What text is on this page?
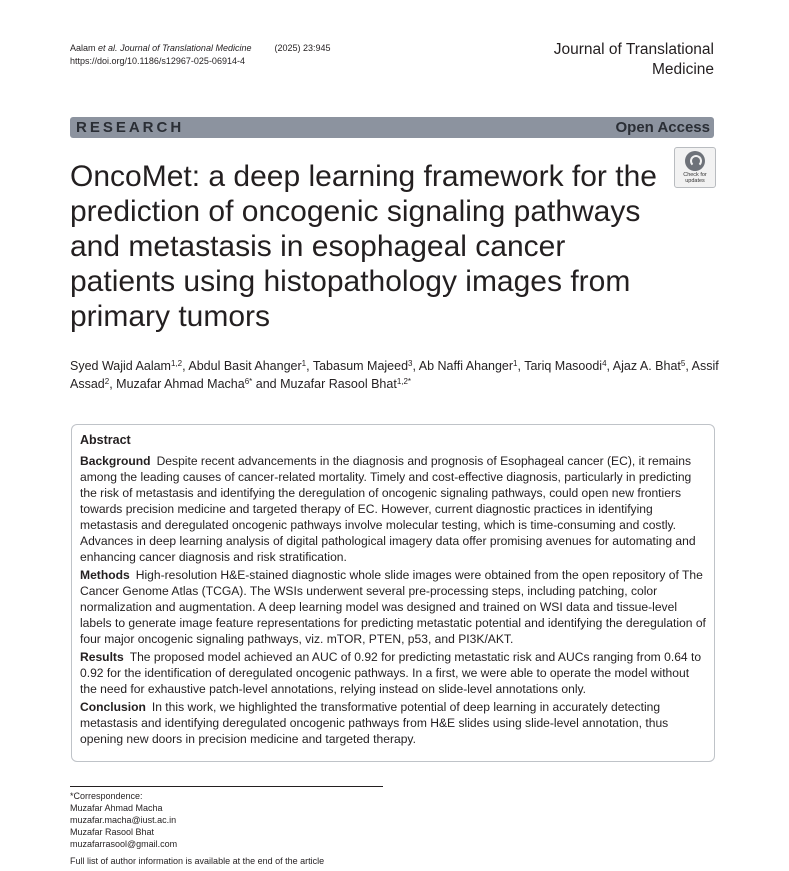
Aalam et al. Journal of Translational Medicine	(2025) 23:945
https://doi.org/10.1186/s12967-025-06914-4
Journal of Translational
Medicine
RESEARCH	Open Access
Check for
updates
OncoMet: a deep learning framework for the prediction of oncogenic signaling pathways and metastasis in esophageal cancer patients using histopathology images from primary tumors
Syed Wajid Aalam$^{1,2}$, Abdul Basit Ahanger$^1$, Tabasum Majeed$^3$, Ab Naffi Ahanger$^1$, Tariq Masoodi$^4$, Ajaz A. Bhat$^5$, Assif Assad$^2$, Muzafar Ahmad Macha$^{6*}$ and Muzafar Rasool Bhat$^{1,2*}$
Abstract

Background Despite recent advancements in the diagnosis and prognosis of Esophageal cancer (EC), it remains among the leading causes of cancer-related mortality. Timely and cost-effective diagnosis, particularly in predicting the risk of metastasis and identifying the deregulation of oncogenic signaling pathways, could open new frontiers towards precision medicine and targeted therapy of EC. However, current diagnostic practices in identifying metastasis and deregulated oncogenic pathways involve molecular testing, which is time-consuming and costly. Advances in deep learning analysis of digital pathological imagery data offer promising avenues for automating and enhancing cancer diagnosis and risk stratification.

Methods High-resolution H&E-stained diagnostic whole slide images were obtained from the open repository of The Cancer Genome Atlas (TCGA). The WSIs underwent several pre-processing steps, including patching, color normalization and augmentation. A deep learning model was designed and trained on WSI data and tissue-level labels to generate image feature representations for predicting metastatic potential and identifying the deregulation of four major oncogenic signaling pathways, viz. mTOR, PTEN, p53, and PI3K/AKT.

Results The proposed model achieved an AUC of 0.92 for predicting metastatic risk and AUCs ranging from 0.64 to 0.92 for the identification of deregulated oncogenic pathways. In a first, we were able to operate the model without the need for exhaustive patch-level annotations, relying instead on slide-level annotations only.

Conclusion In this work, we highlighted the transformative potential of deep learning in accurately detecting metastasis and identifying deregulated oncogenic pathways from H&E slides using slide-level annotation, thus opening new doors in precision medicine and targeted therapy.

*Correspondence:
Muzafar Ahmad Macha
muzafar.macha@iust.ac.in
Muzafar Rasool Bhat
muzafarrasool@gmail.com
Full list of author information is available at the end of the article
